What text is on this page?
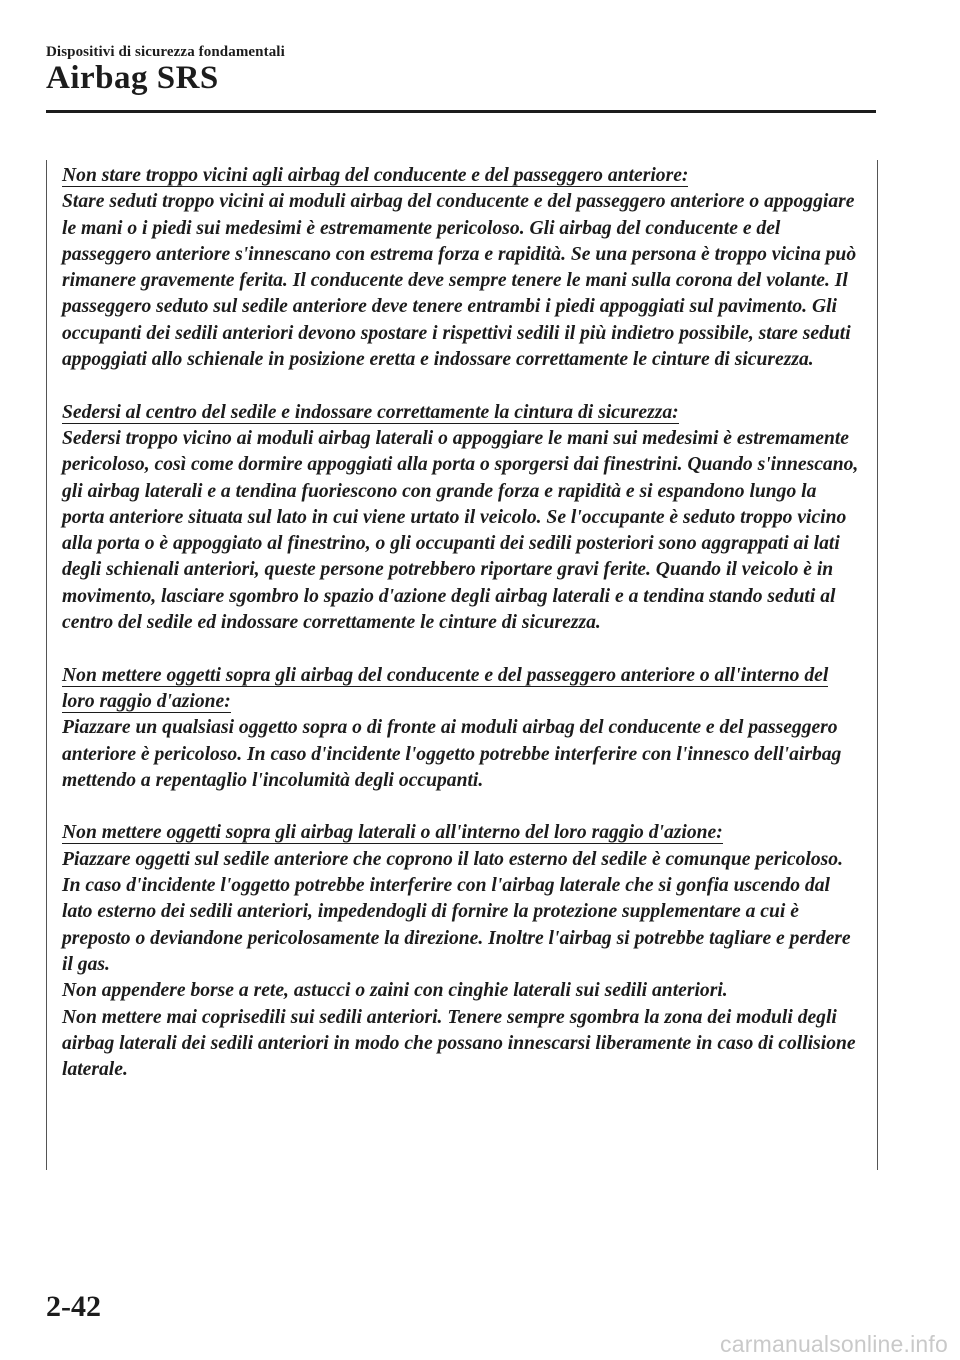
Dispositivi di sicurezza fondamentali
Airbag SRS
Non stare troppo vicini agli airbag del conducente e del passeggero anteriore:
Stare seduti troppo vicini ai moduli airbag del conducente e del passeggero anteriore o appoggiare le mani o i piedi sui medesimi è estremamente pericoloso. Gli airbag del conducente e del passeggero anteriore s'innescano con estrema forza e rapidità. Se una persona è troppo vicina può rimanere gravemente ferita. Il conducente deve sempre tenere le mani sulla corona del volante. Il passeggero seduto sul sedile anteriore deve tenere entrambi i piedi appoggiati sul pavimento. Gli occupanti dei sedili anteriori devono spostare i rispettivi sedili il più indietro possibile, stare seduti appoggiati allo schienale in posizione eretta e indossare correttamente le cinture di sicurezza.
Sedersi al centro del sedile e indossare correttamente la cintura di sicurezza:
Sedersi troppo vicino ai moduli airbag laterali o appoggiare le mani sui medesimi è estremamente pericoloso, così come dormire appoggiati alla porta o sporgersi dai finestrini. Quando s'innescano, gli airbag laterali e a tendina fuoriescono con grande forza e rapidità e si espandono lungo la porta anteriore situata sul lato in cui viene urtato il veicolo. Se l'occupante è seduto troppo vicino alla porta o è appoggiato al finestrino, o gli occupanti dei sedili posteriori sono aggrappati ai lati degli schienali anteriori, queste persone potrebbero riportare gravi ferite. Quando il veicolo è in movimento, lasciare sgombro lo spazio d'azione degli airbag laterali e a tendina stando seduti al centro del sedile ed indossare correttamente le cinture di sicurezza.
Non mettere oggetti sopra gli airbag del conducente e del passeggero anteriore o all'interno del loro raggio d'azione:
Piazzare un qualsiasi oggetto sopra o di fronte ai moduli airbag del conducente e del passeggero anteriore è pericoloso. In caso d'incidente l'oggetto potrebbe interferire con l'innesco dell'airbag mettendo a repentaglio l'incolumità degli occupanti.
Non mettere oggetti sopra gli airbag laterali o all'interno del loro raggio d'azione:
Piazzare oggetti sul sedile anteriore che coprono il lato esterno del sedile è comunque pericoloso. In caso d'incidente l'oggetto potrebbe interferire con l'airbag laterale che si gonfia uscendo dal lato esterno dei sedili anteriori, impedendogli di fornire la protezione supplementare a cui è preposto o deviandone pericolosamente la direzione. Inoltre l'airbag si potrebbe tagliare e perdere il gas.
Non appendere borse a rete, astucci o zaini con cinghie laterali sui sedili anteriori.
Non mettere mai coprisedili sui sedili anteriori. Tenere sempre sgombra la zona dei moduli degli airbag laterali dei sedili anteriori in modo che possano innescarsi liberamente in caso di collisione laterale.
2-42
carmanualsonline.info
